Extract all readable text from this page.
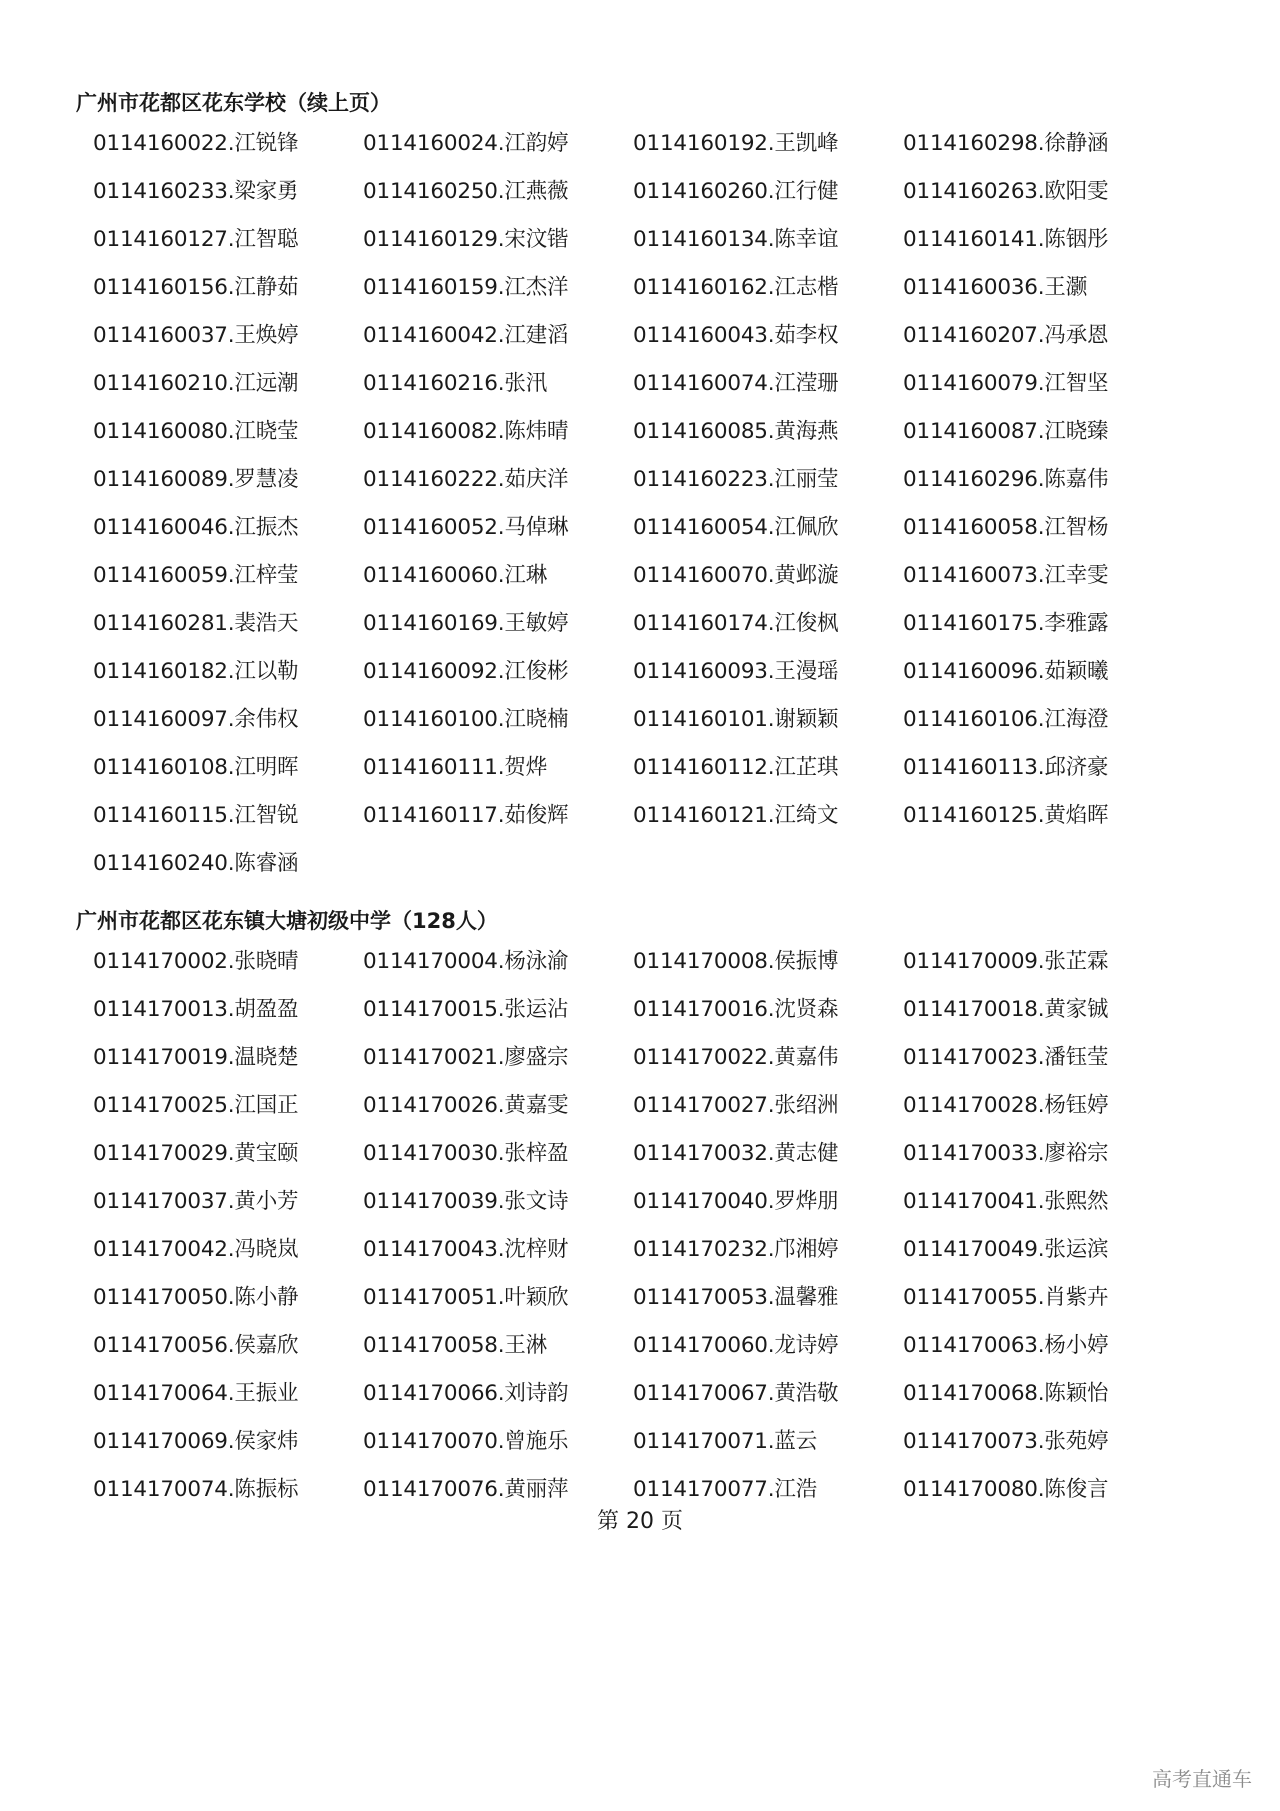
广州市花都区花东学校（续上页）
0114160022.江锐锋	0114160024.江韵婷	0114160192.王凯峰	0114160298.徐静涵
0114160233.梁家勇	0114160250.江燕薇	0114160260.江行健	0114160263.欧阳雯
0114160127.江智聪	0114160129.宋汶锴	0114160134.陈幸谊	0114160141.陈铟彤
0114160156.江静茹	0114160159.江杰洋	0114160162.江志楷	0114160036.王灏
0114160037.王焕婷	0114160042.江建滔	0114160043.茹李权	0114160207.冯承恩
0114160210.江远潮	0114160216.张汛	0114160074.江滢珊	0114160079.江智坚
0114160080.江晓莹	0114160082.陈炜晴	0114160085.黄海燕	0114160087.江晓臻
0114160089.罗慧凌	0114160222.茹庆洋	0114160223.江丽莹	0114160296.陈嘉伟
0114160046.江振杰	0114160052.马倬琳	0114160054.江佩欣	0114160058.江智杨
0114160059.江梓莹	0114160060.江琳	0114160070.黄邺漩	0114160073.江幸雯
0114160281.裴浩天	0114160169.王敏婷	0114160174.江俊枫	0114160175.李雅露
0114160182.江以勒	0114160092.江俊彬	0114160093.王漫瑶	0114160096.茹颖曦
0114160097.余伟权	0114160100.江晓楠	0114160101.谢颖颖	0114160106.江海澄
0114160108.江明晖	0114160111.贺烨	0114160112.江芷琪	0114160113.邱济豪
0114160115.江智锐	0114160117.茹俊辉	0114160121.江绮文	0114160125.黄焰晖
0114160240.陈睿涵
广州市花都区花东镇大塘初级中学（128人）
0114170002.张晓晴	0114170004.杨泳渝	0114170008.侯振博	0114170009.张芷霖
0114170013.胡盈盈	0114170015.张运沾	0114170016.沈贤森	0114170018.黄家铖
0114170019.温晓楚	0114170021.廖盛宗	0114170022.黄嘉伟	0114170023.潘钰莹
0114170025.江国正	0114170026.黄嘉雯	0114170027.张绍洲	0114170028.杨钰婷
0114170029.黄宝颐	0114170030.张梓盈	0114170032.黄志健	0114170033.廖裕宗
0114170037.黄小芳	0114170039.张文诗	0114170040.罗烨朋	0114170041.张熙然
0114170042.冯晓岚	0114170043.沈梓财	0114170232.邝湘婷	0114170049.张运滨
0114170050.陈小静	0114170051.叶颖欣	0114170053.温馨雅	0114170055.肖紫卉
0114170056.侯嘉欣	0114170058.王淋	0114170060.龙诗婷	0114170063.杨小婷
0114170064.王振业	0114170066.刘诗韵	0114170067.黄浩敬	0114170068.陈颖怡
0114170069.侯家炜	0114170070.曾施乐	0114170071.蓝云	0114170073.张苑婷
0114170074.陈振标	0114170076.黄丽萍	0114170077.江浩	0114170080.陈俊言
第 20 页
高考直通车
